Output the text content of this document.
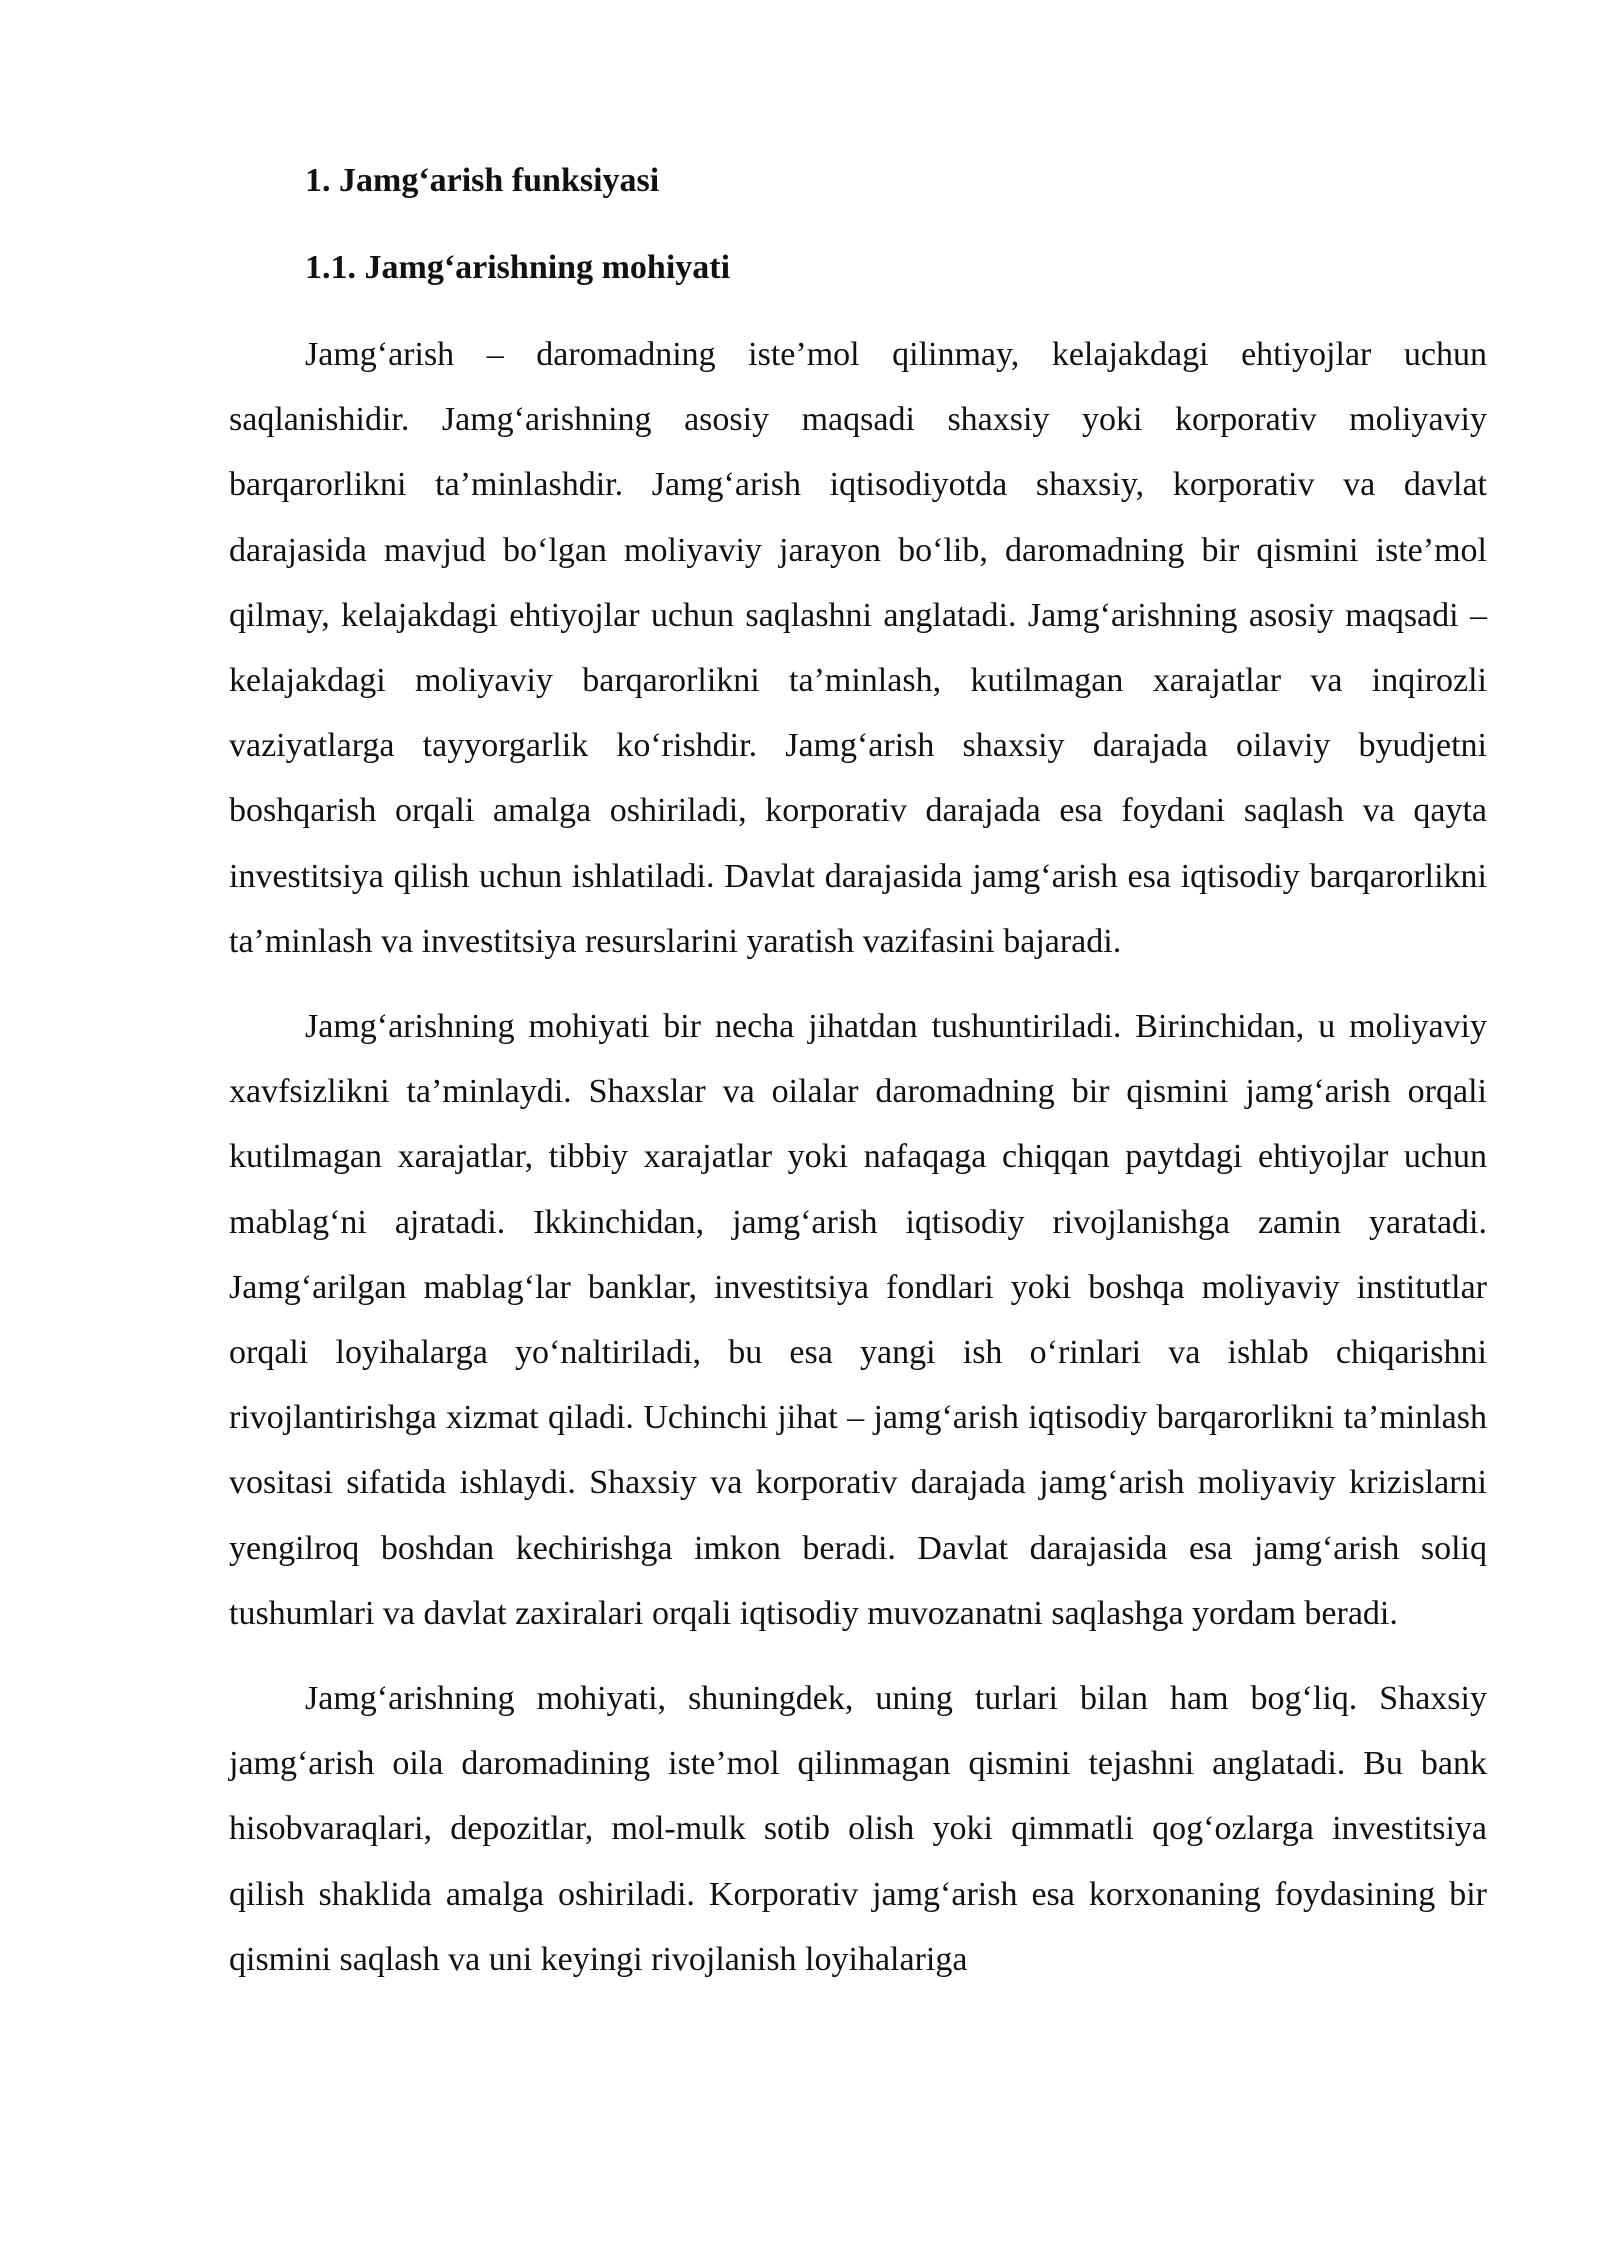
1. Jamg‘arish funksiyasi
1.1. Jamg‘arishning mohiyati

Jamg‘arish – daromadning iste’mol qilinmay, kelajakdagi ehtiyojlar uchun saqlanishidir. Jamg‘arishning asosiy maqsadi shaxsiy yoki korporativ moliyaviy barqarorlikni ta’minlashdir. Jamg‘arish iqtisodiyotda shaxsiy, korporativ va davlat darajasida mavjud bo‘lgan moliyaviy jarayon bo‘lib, daromadning bir qismini iste’mol qilmay, kelajakdagi ehtiyojlar uchun saqlashni anglatadi. Jamg‘arishning asosiy maqsadi – kelajakdagi moliyaviy barqarorlikni ta’minlash, kutilmagan xarajatlar va inqirozli vaziyatlarga tayyorgarlik ko‘rishdir. Jamg‘arish shaxsiy darajada oilaviy byudjetni boshqarish orqali amalga oshiriladi, korporativ darajada esa foydani saqlash va qayta investitsiya qilish uchun ishlatiladi. Davlat darajasida jamg‘arish esa iqtisodiy barqarorlikni ta’minlash va investitsiya resurslarini yaratish vazifasini bajaradi.

Jamg‘arishning mohiyati bir necha jihatdan tushuntiriladi. Birinchidan, u moliyaviy xavfsizlikni ta’minlaydi. Shaxslar va oilalar daromadning bir qismini jamg‘arish orqali kutilmagan xarajatlar, tibbiy xarajatlar yoki nafaqaga chiqqan paytdagi ehtiyojlar uchun mablag‘ni ajratadi. Ikkinchidan, jamg‘arish iqtisodiy rivojlanishga zamin yaratadi. Jamg‘arilgan mablag‘lar banklar, investitsiya fondlari yoki boshqa moliyaviy institutlar orqali loyihalarga yo‘naltiriladi, bu esa yangi ish o‘rinlari va ishlab chiqarishni rivojlantirishga xizmat qiladi. Uchinchi jihat – jamg‘arish iqtisodiy barqarorlikni ta’minlash vositasi sifatida ishlaydi. Shaxsiy va korporativ darajada jamg‘arish moliyaviy krizislarni yengilroq boshdan kechirishga imkon beradi. Davlat darajasida esa jamg‘arish soliq tushumlari va davlat zaxiralari orqali iqtisodiy muvozanatni saqlashga yordam beradi.

Jamg‘arishning mohiyati, shuningdek, uning turlari bilan ham bog‘liq. Shaxsiy jamg‘arish oila daromadining iste’mol qilinmagan qismini tejashni anglatadi. Bu bank hisobvaraqlari, depozitlar, mol-mulk sotib olish yoki qimmatli qog‘ozlarga investitsiya qilish shaklida amalga oshiriladi. Korporativ jamg‘arish esa korxonaning foydasining bir qismini saqlash va uni keyingi rivojlanish loyihalariga
